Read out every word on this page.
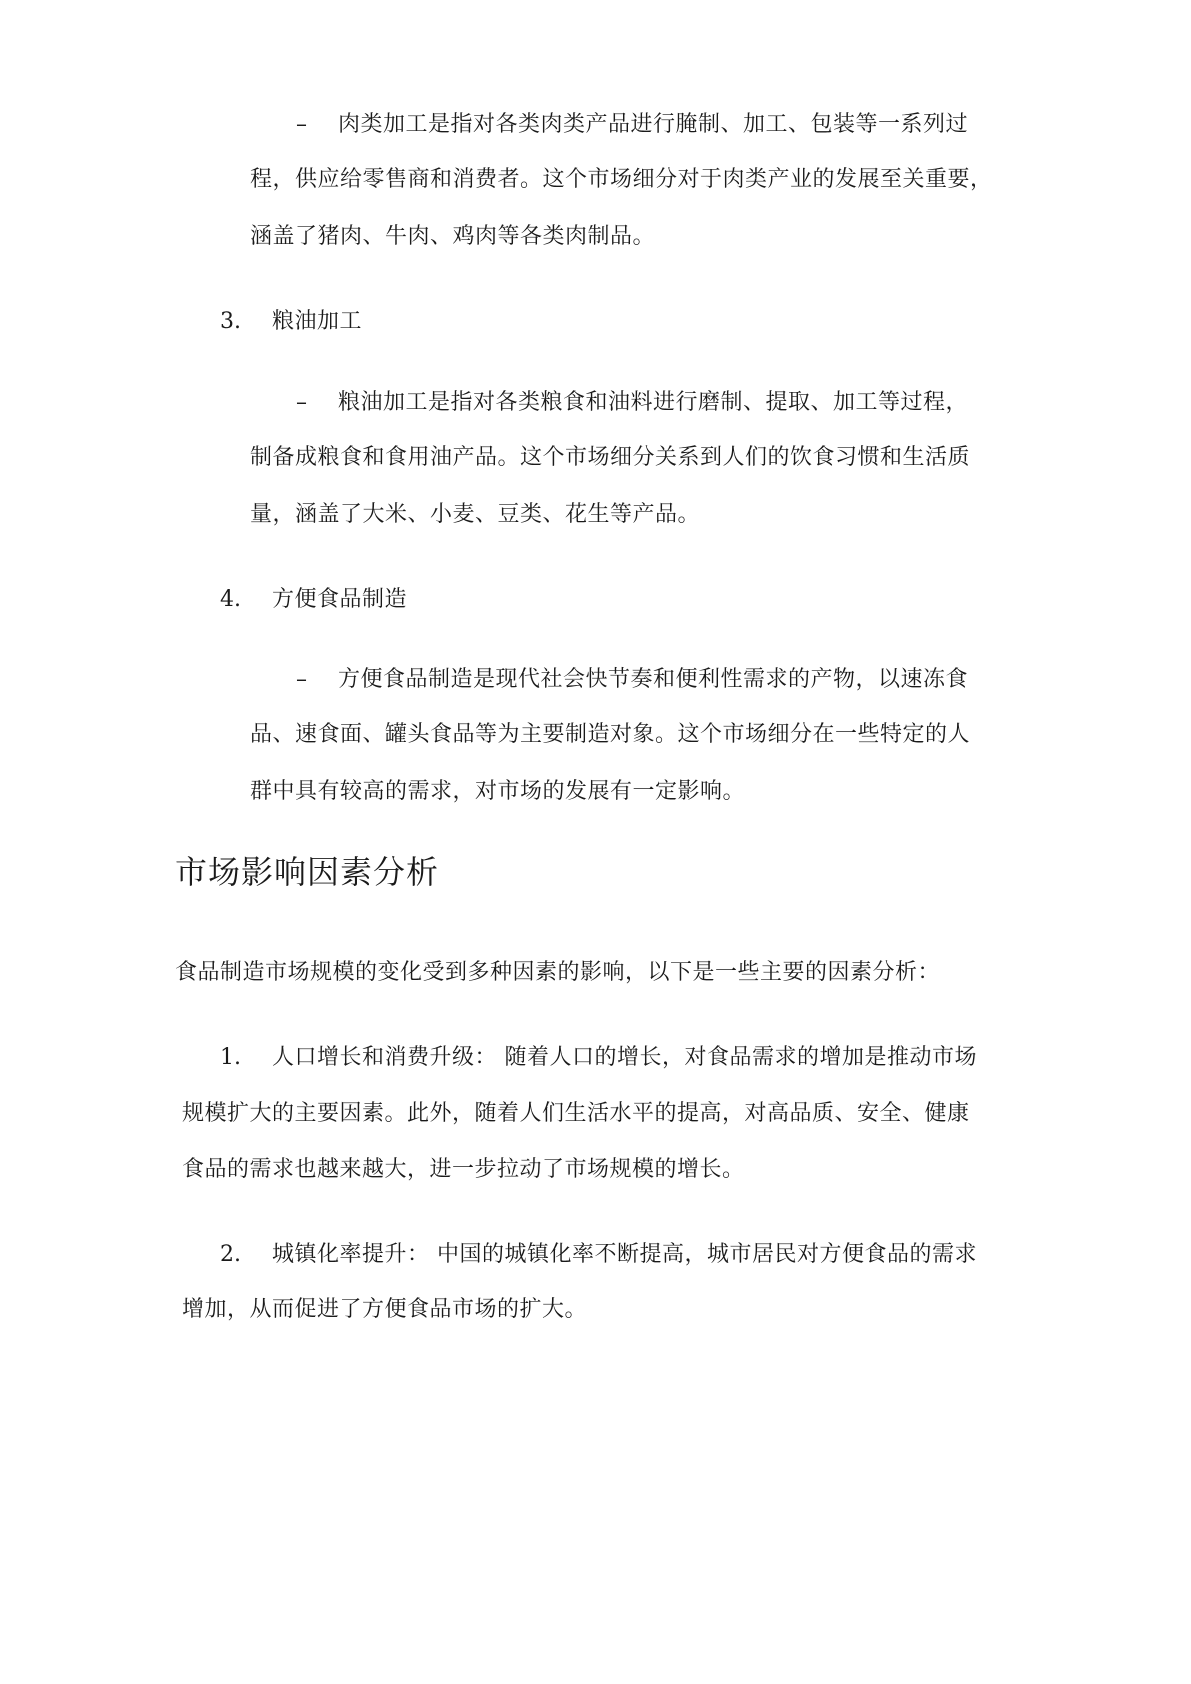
– 肉类加工是指对各类肉类产品进行腌制、加工、包装等一系列过
程，供应给零售商和消费者。这个市场细分对于肉类产业的发展至关重要，
涵盖了猪肉、牛肉、鸡肉等各类肉制品。
3. 粮油加工
– 粮油加工是指对各类粮食和油料进行磨制、提取、加工等过程，
制备成粮食和食用油产品。这个市场细分关系到人们的饮食习惯和生活质
量，涵盖了大米、小麦、豆类、花生等产品。
4. 方便食品制造
– 方便食品制造是现代社会快节奏和便利性需求的产物，以速冻食
品、速食面、罐头食品等为主要制造对象。这个市场细分在一些特定的人
群中具有较高的需求，对市场的发展有一定影响。
市场影响因素分析
食品制造市场规模的变化受到多种因素的影响，以下是一些主要的因素分析：
1. 人口增长和消费升级： 随着人口的增长，对食品需求的增加是推动市场
规模扩大的主要因素。此外，随着人们生活水平的提高，对高品质、安全、健康
食品的需求也越来越大，进一步拉动了市场规模的增长。
2. 城镇化率提升： 中国的城镇化率不断提高，城市居民对方便食品的需求
增加，从而促进了方便食品市场的扩大。
